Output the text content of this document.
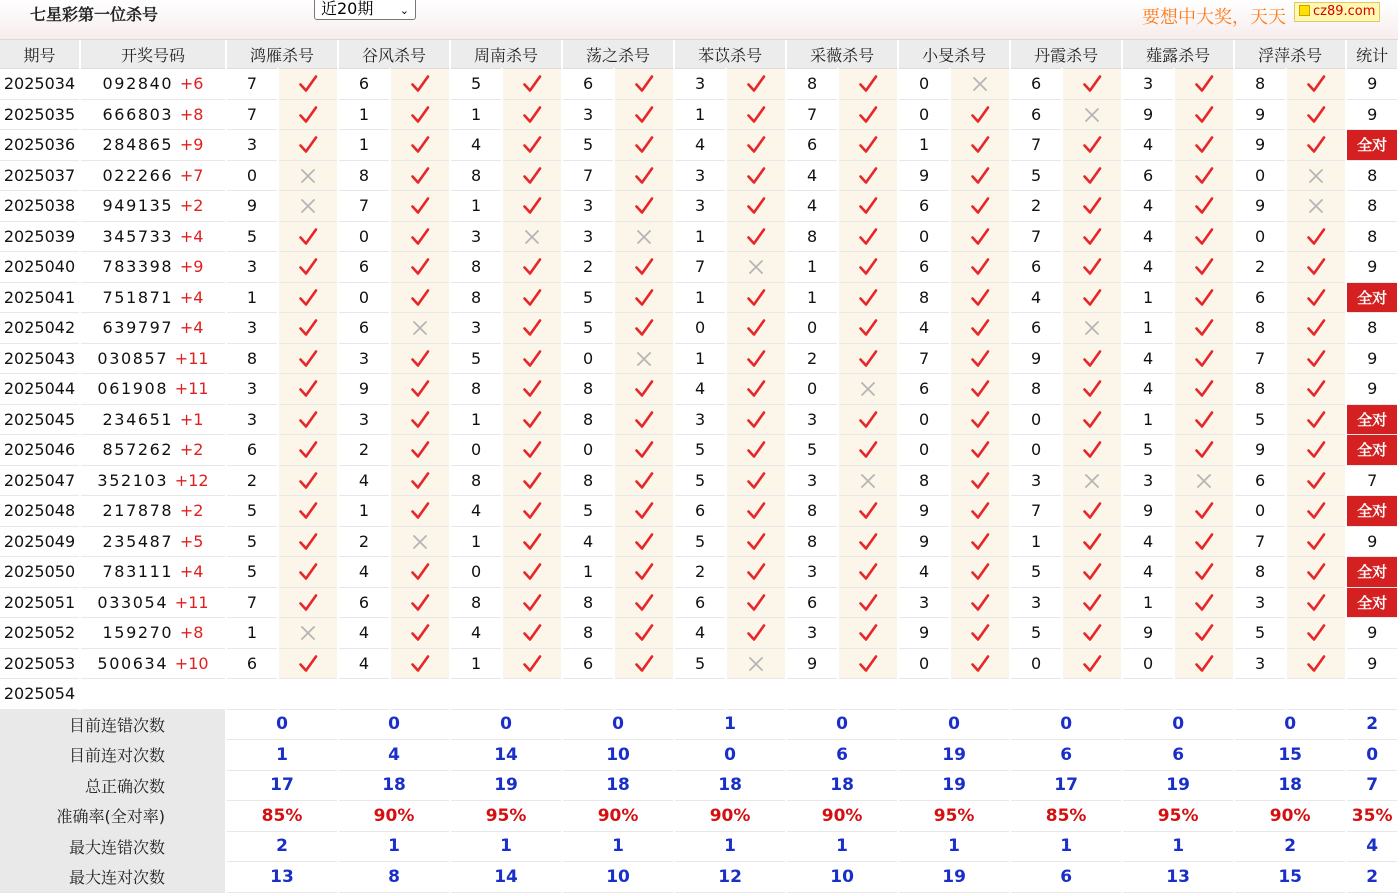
七星彩第一位杀号	近20期 ⌄	要想中大奖，天天	cz89.com
期号	开奖号码	鸿雁杀号		谷风杀号		周南杀号		荡之杀号		苯苡杀号		采薇杀号		小旻杀号		丹霞杀号		薤露杀号		浮萍杀号		统计
2025034	092840 +6	7		6		5		6		3		8		0		6		3		8		9
2025035	666803 +8	7		1		1		3		1		7		0		6		9		9		9
2025036	284865 +9	3		1		4		5		4		6		1		7		4		9		全对
2025037	022266 +7	0		8		8		7		3		4		9		5		6		0		8
2025038	949135 +2	9		7		1		3		3		4		6		2		4		9		8
2025039	345733 +4	5		0		3		3		1		8		0		7		4		0		8
2025040	783398 +9	3		6		8		2		7		1		6		6		4		2		9
2025041	751871 +4	1		0		8		5		1		1		8		4		1		6		全对
2025042	639797 +4	3		6		3		5		0		0		4		6		1		8		8
2025043	030857 +11	8		3		5		0		1		2		7		9		4		7		9
2025044	061908 +11	3		9		8		8		4		0		6		8		4		8		9
2025045	234651 +1	3		3		1		8		3		3		0		0		1		5		全对
2025046	857262 +2	6		2		0		0		5		5		0		0		5		9		全对
2025047	352103 +12	2		4		8		8		5		3		8		3		3		6		7
2025048	217878 +2	5		1		4		5		6		8		9		7		9		0		全对
2025049	235487 +5	5		2		1		4		5		8		9		1		4		7		9
2025050	783111 +4	5		4		0		1		2		3		4		5		4		8		全对
2025051	033054 +11	7		6		8		8		6		6		3		3		1		3		全对
2025052	159270 +8	1		4		4		8		4		3		9		5		9		5		9
2025053	500634 +10	6		4		1		6		5		9		0		0		0		3		9
2025054	当前期杀号	2		5		3		5		6		3		9		6		4		9		
目前连错次数		0		0		0		0		1		0		0		0		0		0		2
目前连对次数		1		4		14		10		0		6		19		6		6		15		0
总正确次数		17		18		19		18		18		18		19		17		19		18		7
准确率(全对率)		85%		90%		95%		90%		90%		90%		95%		85%		95%		90%		35%
最大连错次数		2		1		1		1		1		1		1		1		1		2		4
最大连对次数		13		8		14		10		12		10		19		6		13		15		2
